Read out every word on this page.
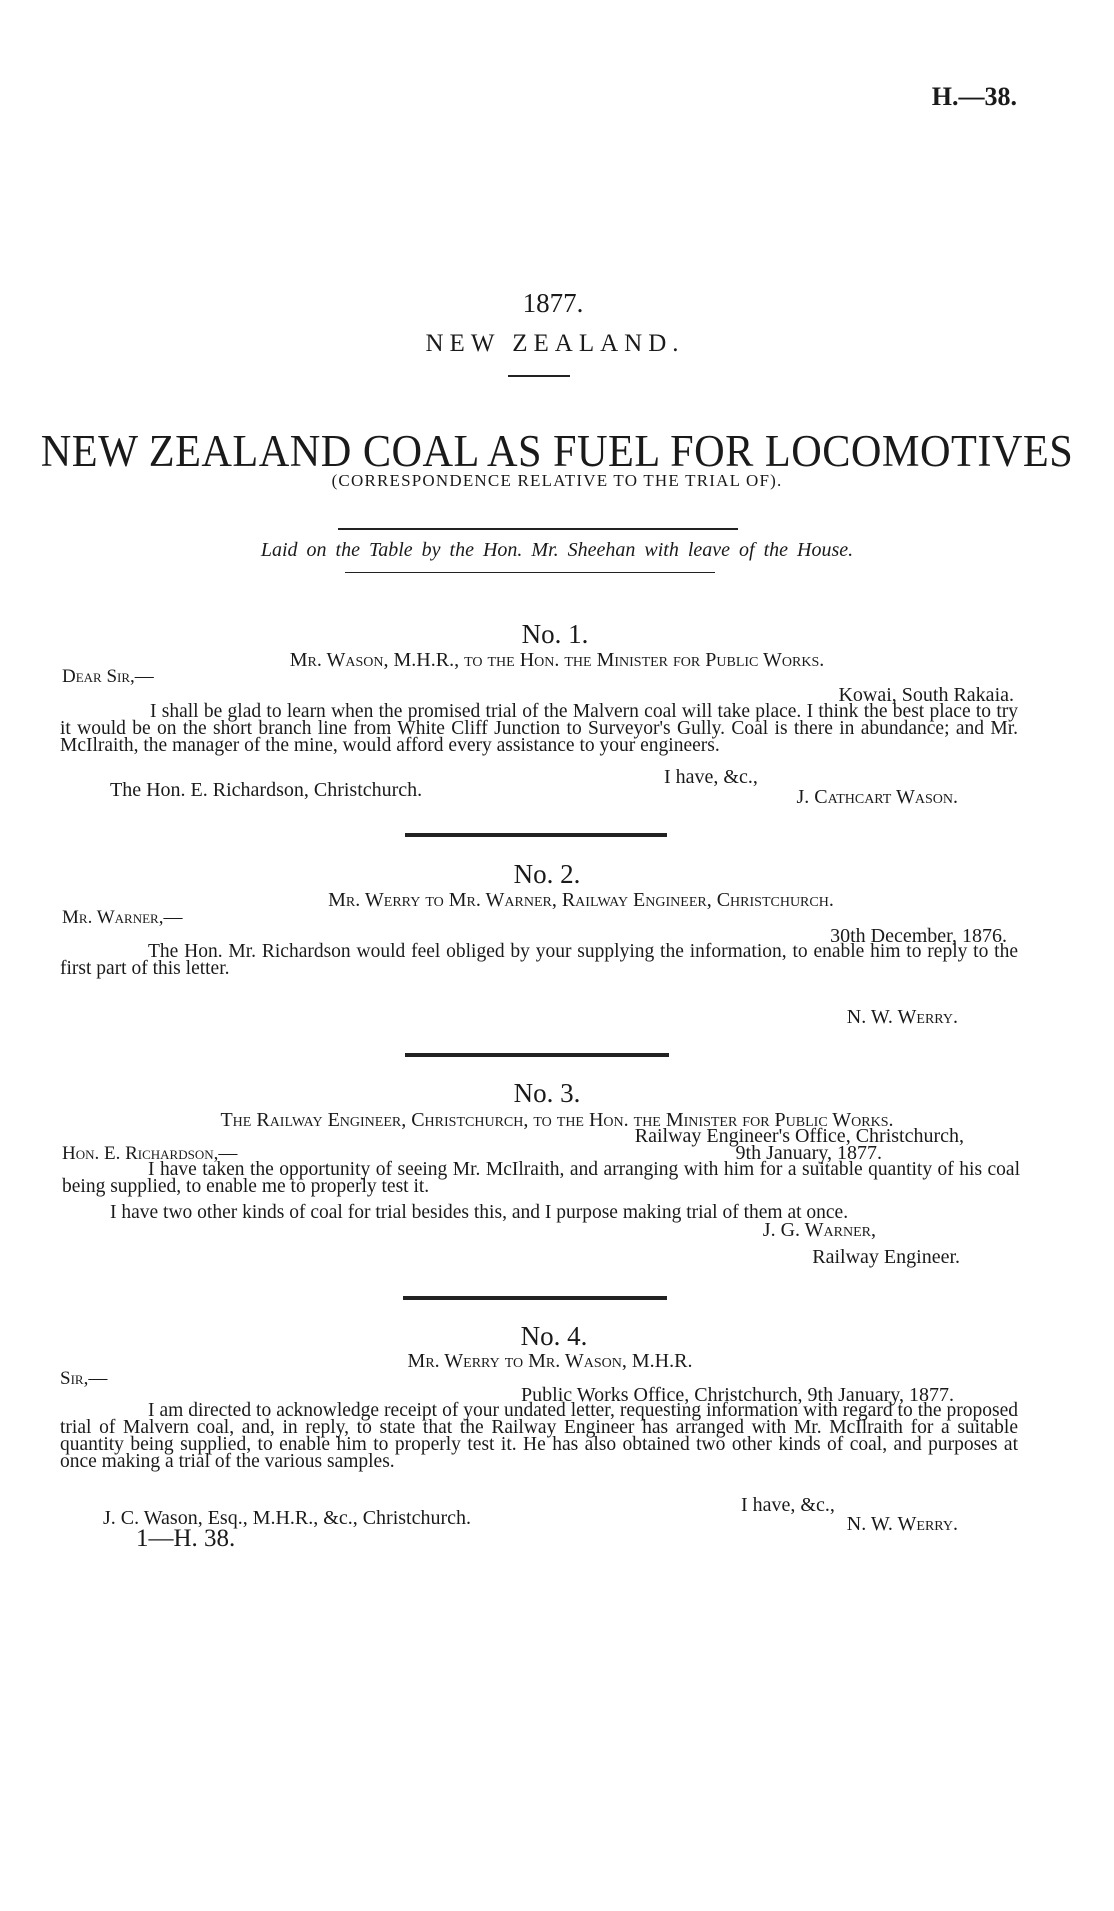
H.—38.
1877.
NEW ZEALAND.
NEW ZEALAND COAL AS FUEL FOR LOCOMOTIVES
(CORRESPONDENCE RELATIVE TO THE TRIAL OF).
Laid on the Table by the Hon. Mr. Sheehan with leave of the House.
No. 1.
Mr. Wason, M.H.R., to the Hon. the Minister for Public Works.
Dear Sir,—
Kowai, South Rakaia.

I shall be glad to learn when the promised trial of the Malvern coal will take place. I think the best place to try it would be on the short branch line from White Cliff Junction to Surveyor's Gully. Coal is there in abundance; and Mr. McIlraith, the manager of the mine, would afford every assistance to your engineers.

The Hon. E. Richardson, Christchurch.
I have, &c.,
J. Cathcart Wason.
No. 2.
Mr. Werry to Mr. Warner, Railway Engineer, Christchurch.
Mr. Warner,—
30th December, 1876.

The Hon. Mr. Richardson would feel obliged by your supplying the information, to enable him to reply to the first part of this letter.

N. W. Werry.
No. 3.
The Railway Engineer, Christchurch, to the Hon. the Minister for Public Works.
Railway Engineer's Office, Christchurch,
Hon. E. Richardson,—	9th January, 1877.

I have taken the opportunity of seeing Mr. McIlraith, and arranging with him for a suitable quantity of his coal being supplied, to enable me to properly test it.

I have two other kinds of coal for trial besides this, and I purpose making trial of them at once.
J. G. Warner,
Railway Engineer.
No. 4.
Mr. Werry to Mr. Wason, M.H.R.
Sir,—
Public Works Office, Christchurch, 9th January, 1877.

I am directed to acknowledge receipt of your undated letter, requesting information with regard to the proposed trial of Malvern coal, and, in reply, to state that the Railway Engineer has arranged with Mr. McIlraith for a suitable quantity being supplied, to enable him to properly test it. He has also obtained two other kinds of coal, and purposes at once making a trial of the various samples.

I have, &c.,
J. C. Wason, Esq., M.H.R., &c., Christchurch.	N. W. Werry.
1—H. 38.
